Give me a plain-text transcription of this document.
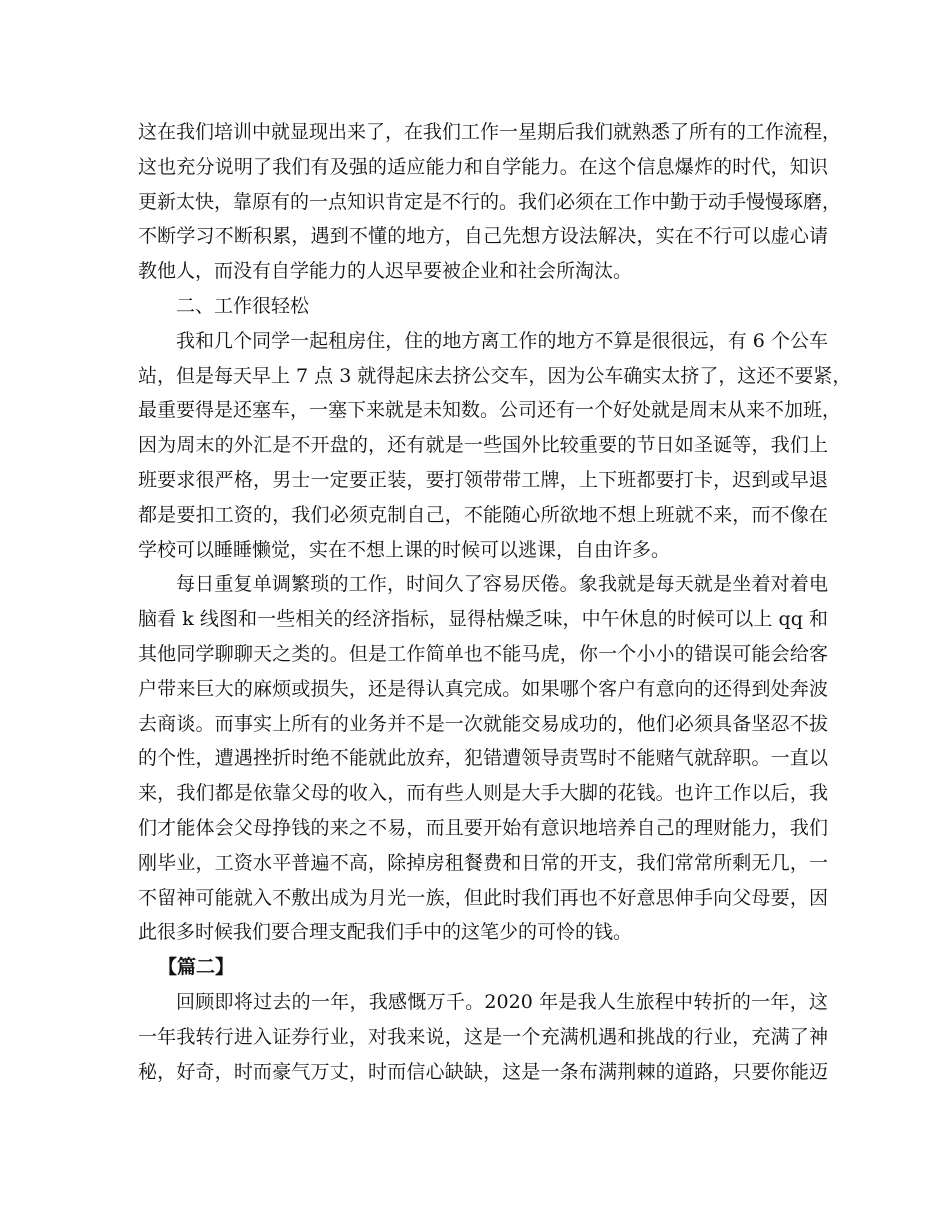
这在我们培训中就显现出来了，在我们工作一星期后我们就熟悉了所有的工作流程，
这也充分说明了我们有及强的适应能力和自学能力。在这个信息爆炸的时代，知识
更新太快，靠原有的一点知识肯定是不行的。我们必须在工作中勤于动手慢慢琢磨，
不断学习不断积累，遇到不懂的地方，自己先想方设法解决，实在不行可以虚心请
教他人，而没有自学能力的人迟早要被企业和社会所淘汰。
二、工作很轻松
我和几个同学一起租房住，住的地方离工作的地方不算是很很远，有 6 个公车
站，但是每天早上 7 点 3 就得起床去挤公交车，因为公车确实太挤了，这还不要紧，
最重要得是还塞车，一塞下来就是未知数。公司还有一个好处就是周末从来不加班，
因为周末的外汇是不开盘的，还有就是一些国外比较重要的节日如圣诞等，我们上
班要求很严格，男士一定要正装，要打领带带工牌，上下班都要打卡，迟到或早退
都是要扣工资的，我们必须克制自己，不能随心所欲地不想上班就不来，而不像在
学校可以睡睡懒觉，实在不想上课的时候可以逃课，自由许多。
每日重复单调繁琐的工作，时间久了容易厌倦。象我就是每天就是坐着对着电
脑看 k 线图和一些相关的经济指标，显得枯燥乏味，中午休息的时候可以上 qq 和
其他同学聊聊天之类的。但是工作简单也不能马虎，你一个小小的错误可能会给客
户带来巨大的麻烦或损失，还是得认真完成。如果哪个客户有意向的还得到处奔波
去商谈。而事实上所有的业务并不是一次就能交易成功的，他们必须具备坚忍不拔
的个性，遭遇挫折时绝不能就此放弃，犯错遭领导责骂时不能赌气就辞职。一直以
来，我们都是依靠父母的收入，而有些人则是大手大脚的花钱。也许工作以后，我
们才能体会父母挣钱的来之不易，而且要开始有意识地培养自己的理财能力，我们
刚毕业，工资水平普遍不高，除掉房租餐费和日常的开支，我们常常所剩无几，一
不留神可能就入不敷出成为月光一族，但此时我们再也不好意思伸手向父母要，因
此很多时候我们要合理支配我们手中的这笔少的可怜的钱。
【篇二】
回顾即将过去的一年，我感慨万千。2020 年是我人生旅程中转折的一年，这
一年我转行进入证券行业，对我来说，这是一个充满机遇和挑战的行业，充满了神
秘，好奇，时而豪气万丈，时而信心缺缺，这是一条布满荆棘的道路，只要你能迈
